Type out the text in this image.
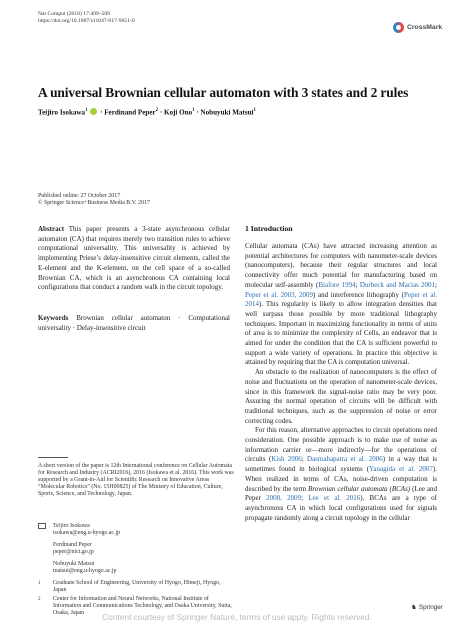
Nat Comput (2018) 17:499–509
https://doi.org/10.1007/s11047-017-9651-0
CrossMark
A universal Brownian cellular automaton with 3 states and 2 rules
Teijiro Isokawa$^1$  · Ferdinand Peper$^2$ · Koji Ono$^1$ · Nobuyuki Matsui$^1$
Published online: 27 October 2017
© Springer Science+Business Media B.V. 2017
Abstract This paper presents a 3-state asynchronous cellular automaton (CA) that requires merely two transition rules to achieve computational universality. This universality is achieved by implementing Priese’s delay-insensitive circuit elements, called the E-element and the K-element, on the cell space of a so-called Brownian CA, which is an asynchronous CA containing local configurations that conduct a random walk in the circuit topology.
Keywords Brownian cellular automaton · Computational universality · Delay-insensitive circuit
A short version of the paper is 12th International conference on Cellular Automata for Research and Industry (ACRI2016), 2016 (Isokawa et al. 2016). This work was supported by a Grant-in-Aid for Scientific Research on Innovative Areas “Molecular Robotics” (No. 15H00825) of The Ministry of Education, Culture, Sports, Science, and Technology, Japan.
Teijiro Isokawa
isokawa@eng.u-hyogo.ac.jp
Ferdinand Peper
peper@nict.go.jp
Nobuyuki Matsui
matsui@eng.u-hyogo.ac.jp
1 Graduate School of Engineering, University of Hyogo, Himeji, Hyogo, Japan
2 Center for Information and Neural Networks, National Institute of Information and Communications Technology, and Osaka University, Suita, Osaka, Japan
1 Introduction

Cellular automata (CAs) have attracted increasing attention as potential architectures for computers with nanometer-scale devices (nanocomputers), because their regular structures and local connectivity offer much potential for manufacturing based on molecular self-assembly (Biafore 1994; Durbeck and Macias 2001; Peper et al. 2003, 2009) and interference lithography (Peper et al. 2014). This regularity is likely to allow integration densities that well surpass those possible by more traditional lithography techniques. Important in maximizing functionality in terms of units of area is to minimize the complexity of Cells, an endeavor that is aimed for under the condition that the CA is sufficient powerful to support a wide variety of operations. In practice this objective is attained by requiring that the CA is computation universal.

An obstacle to the realization of nanocomputers is the effect of noise and fluctuations on the operation of nanometer-scale devices, since in this framework the signal-noise ratio may be very poor. Assuring the normal operation of circuits will be difficult with traditional techniques, such as the suppression of noise or error correcting codes.

For this reason, alternative approaches to circuit operations need consideration. One possible approach is to make use of noise as information carrier or—more indirectly—for the operations of circuits (Kish 2006; Dasmahapatra et al. 2006) in a way that is sometimes found in biological systems (Yanagida et al. 2007). When realized in terms of CAs, noise-driven computation is described by the term Brownian cellular automata (BCAs) (Lee and Peper 2008, 2009; Lee et al. 2016). BCAs are a type of asynchronous CA in which local configurations used for signals propagate randomly along a circuit topology in the cellular

♞ Springer
Content courtesy of Springer Nature, terms of use apply. Rights reserved.
